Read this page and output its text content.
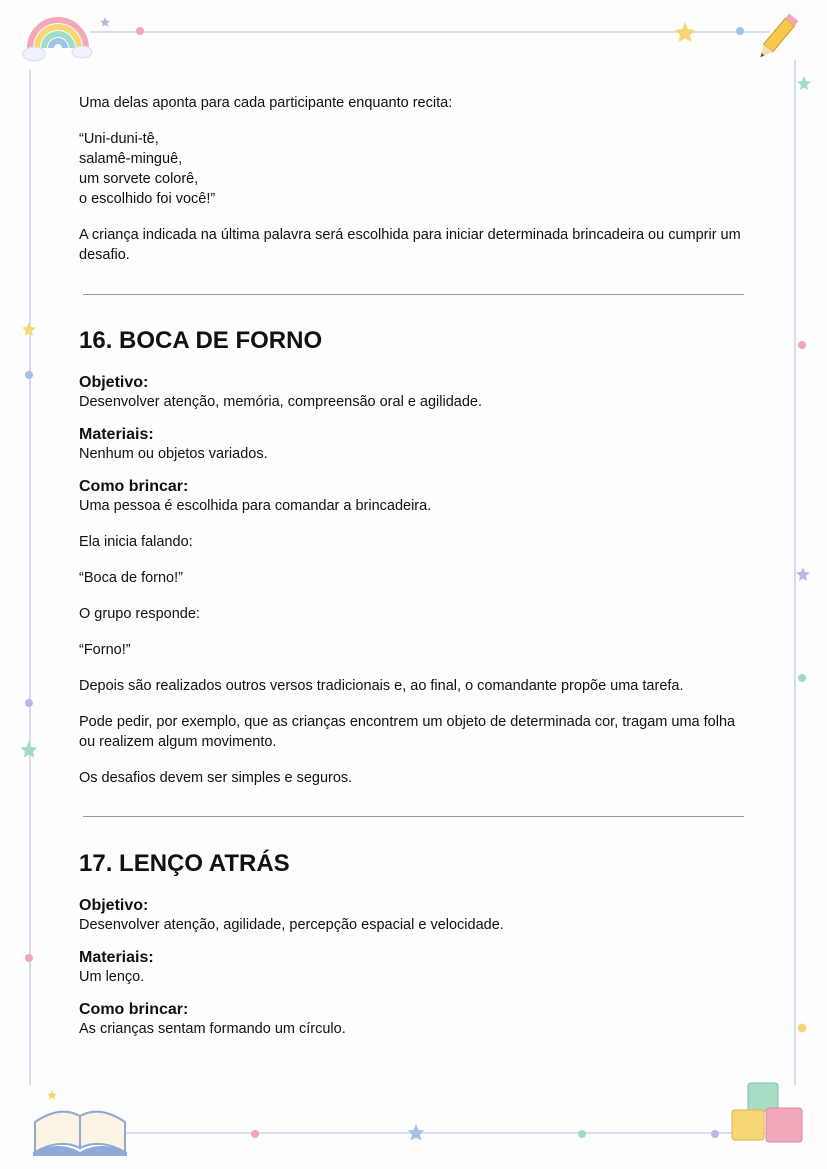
Uma delas aponta para cada participante enquanto recita:

“Uni-duni-tê,
salamê-minguê,
um sorvete colorê,
o escolhido foi você!”

A criança indicada na última palavra será escolhida para iniciar determinada brincadeira ou cumprir um desafio.

16. BOCA DE FORNO
Objetivo:

Desenvolver atenção, memória, compreensão oral e agilidade.

Materiais:

Nenhum ou objetos variados.

Como brincar:

Uma pessoa é escolhida para comandar a brincadeira.

Ela inicia falando:

“Boca de forno!”

O grupo responde:

“Forno!”

Depois são realizados outros versos tradicionais e, ao final, o comandante propõe uma tarefa.

Pode pedir, por exemplo, que as crianças encontrem um objeto de determinada cor, tragam uma folha ou realizem algum movimento.

Os desafios devem ser simples e seguros.

17. LENÇO ATRÁS
Objetivo:

Desenvolver atenção, agilidade, percepção espacial e velocidade.

Materiais:

Um lenço.

Como brincar:

As crianças sentam formando um círculo.
